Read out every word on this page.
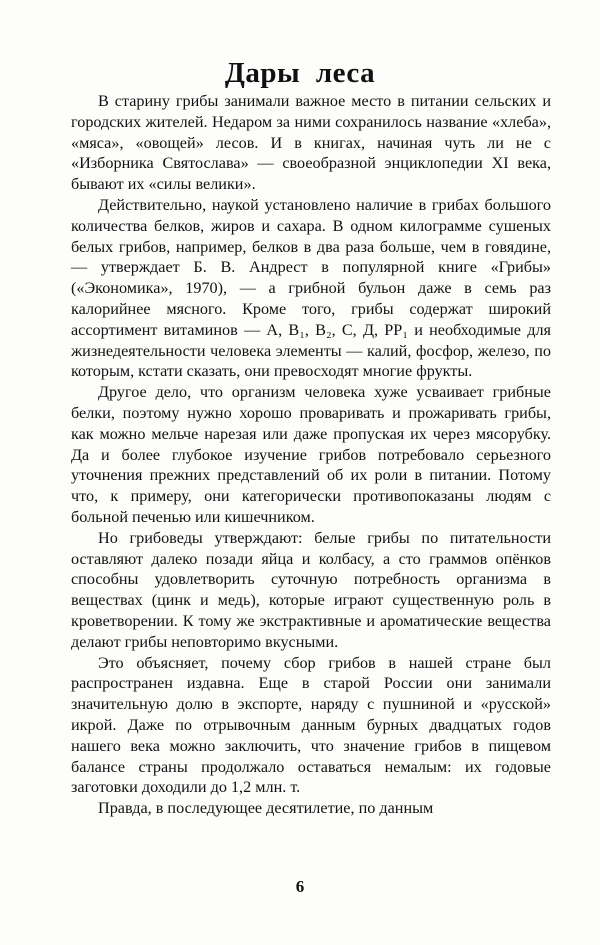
Дары леса

В старину грибы занимали важное место в питании сельских и городских жителей. Недаром за ними сохранилось название «хлеба», «мяса», «овощей» лесов. И в книгах, начиная чуть ли не с «Изборника Святослава» — своеобразной энциклопедии XI века, бывают их «силы велики».

Действительно, наукой установлено наличие в грибах большого количества белков, жиров и сахара. В одном килограмме сушеных белых грибов, например, белков в два раза больше, чем в говядине, — утверждает Б. В. Андрест в популярной книге «Грибы» («Экономика», 1970), — а грибной бульон даже в семь раз калорийнее мясного. Кроме того, грибы содержат широкий ассортимент витаминов — А, B₁, B₂, С, Д, PP₁ и необходимые для жизнедеятельности человека элементы — калий, фосфор, железо, по которым, кстати сказать, они превосходят многие фрукты.

Другое дело, что организм человека хуже усваивает грибные белки, поэтому нужно хорошо проваривать и прожаривать грибы, как можно мельче нарезая или даже пропуская их через мясорубку. Да и более глубокое изучение грибов потребовало серьезного уточнения прежних представлений об их роли в питании. Потому что, к примеру, они категорически противопоказаны людям с больной печенью или кишечником.

Но грибоведы утверждают: белые грибы по питательности оставляют далеко позади яйца и колбасу, а сто граммов опёнков способны удовлетворить суточную потребность организма в веществах (цинк и медь), которые играют существенную роль в кроветворении. К тому же экстрактивные и ароматические вещества делают грибы неповторимо вкусными.

Это объясняет, почему сбор грибов в нашей стране был распространен издавна. Еще в старой России они занимали значительную долю в экспорте, наряду с пушниной и «русской» икрой. Даже по отрывочным данным бурных двадцатых годов нашего века можно заключить, что значение грибов в пищевом балансе страны продолжало оставаться немалым: их годовые заготовки доходили до 1,2 млн. т.

Правда, в последующее десятилетие, по данным

6
